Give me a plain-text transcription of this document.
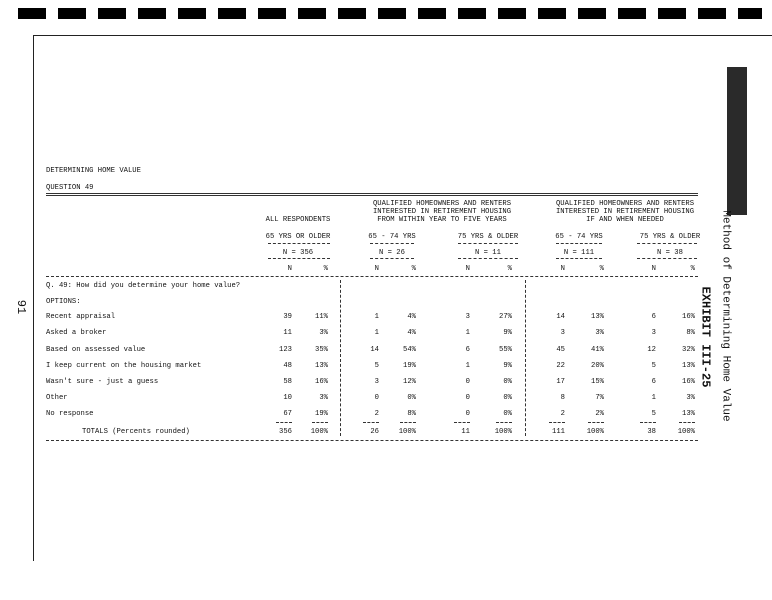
91	EXHIBIT III-25 Method of Determining Home Value
DETERMINING HOME VALUE
QUESTION 49
ALL RESPONDENTS
QUALIFIED HOMEOWNERS AND RENTERS
INTERESTED IN RETIREMENT HOUSING
FROM WITHIN YEAR TO FIVE YEARS
QUALIFIED HOMEOWNERS AND RENTERS
INTERESTED IN RETIREMENT HOUSING
IF AND WHEN NEEDED
65 YRS OR OLDER	65 - 74 YRS	75 YRS & OLDER	65 - 74 YRS	75 YRS & OLDER
N = 356	N = 26	N = 11	N = 111	N = 38
N	%	N	%	N	%	N	%	N	%
Q. 49: How did you determine your home value?
OPTIONS:
Recent appraisal	39	11%	1	4%	3	27%	14	13%	6	16%
Asked a broker	11	3%	1	4%	1	9%	3	3%	3	8%
Based on assessed value	123	35%	14	54%	6	55%	45	41%	12	32%
I keep current on the housing market	48	13%	5	19%	1	9%	22	20%	5	13%
Wasn't sure - just a guess	58	16%	3	12%	0	0%	17	15%	6	16%
Other	10	3%	0	0%	0	0%	8	7%	1	3%
No response	67	19%	2	8%	0	0%	2	2%	5	13%
TOTALS (Percents rounded)	356	100%	26	100%	11	100%	111	100%	38	100%
